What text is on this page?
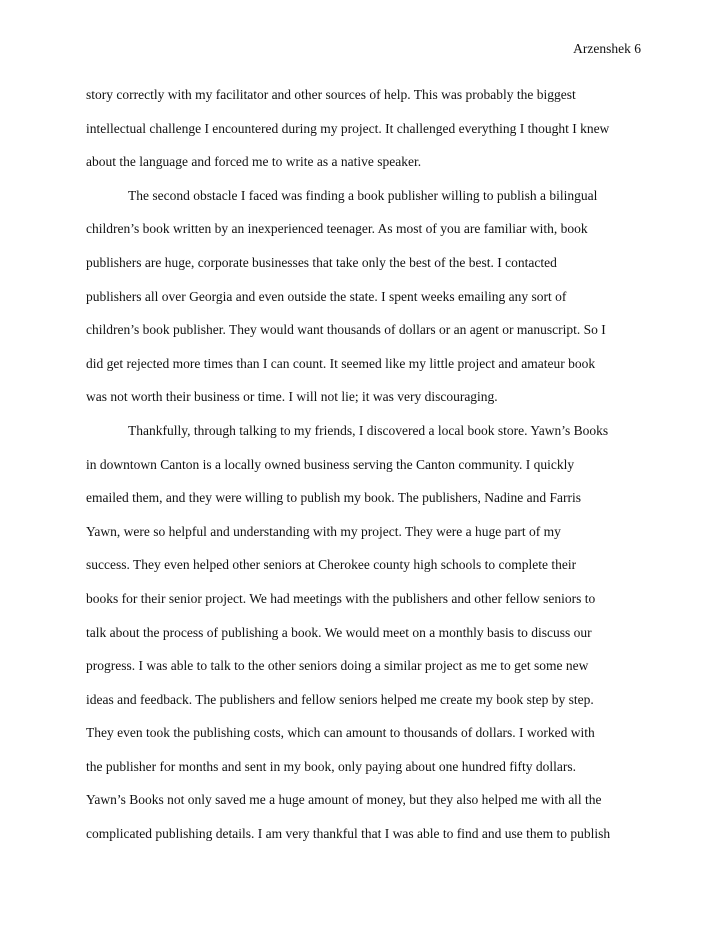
Arzenshek 6
story correctly with my facilitator and other sources of help. This was probably the biggest
intellectual challenge I encountered during my project. It challenged everything I thought I knew
about the language and forced me to write as a native speaker.
The second obstacle I faced was finding a book publisher willing to publish a bilingual
children’s book written by an inexperienced teenager. As most of you are familiar with, book
publishers are huge, corporate businesses that take only the best of the best. I contacted
publishers all over Georgia and even outside the state. I spent weeks emailing any sort of
children’s book publisher. They would want thousands of dollars or an agent or manuscript. So I
did get rejected more times than I can count. It seemed like my little project and amateur book
was not worth their business or time. I will not lie; it was very discouraging.
Thankfully, through talking to my friends, I discovered a local book store. Yawn’s Books
in downtown Canton is a locally owned business serving the Canton community. I quickly
emailed them, and they were willing to publish my book. The publishers, Nadine and Farris
Yawn, were so helpful and understanding with my project. They were a huge part of my
success. They even helped other seniors at Cherokee county high schools to complete their
books for their senior project. We had meetings with the publishers and other fellow seniors to
talk about the process of publishing a book. We would meet on a monthly basis to discuss our
progress. I was able to talk to the other seniors doing a similar project as me to get some new
ideas and feedback. The publishers and fellow seniors helped me create my book step by step.
They even took the publishing costs, which can amount to thousands of dollars. I worked with
the publisher for months and sent in my book, only paying about one hundred fifty dollars.
Yawn’s Books not only saved me a huge amount of money, but they also helped me with all the
complicated publishing details. I am very thankful that I was able to find and use them to publish
